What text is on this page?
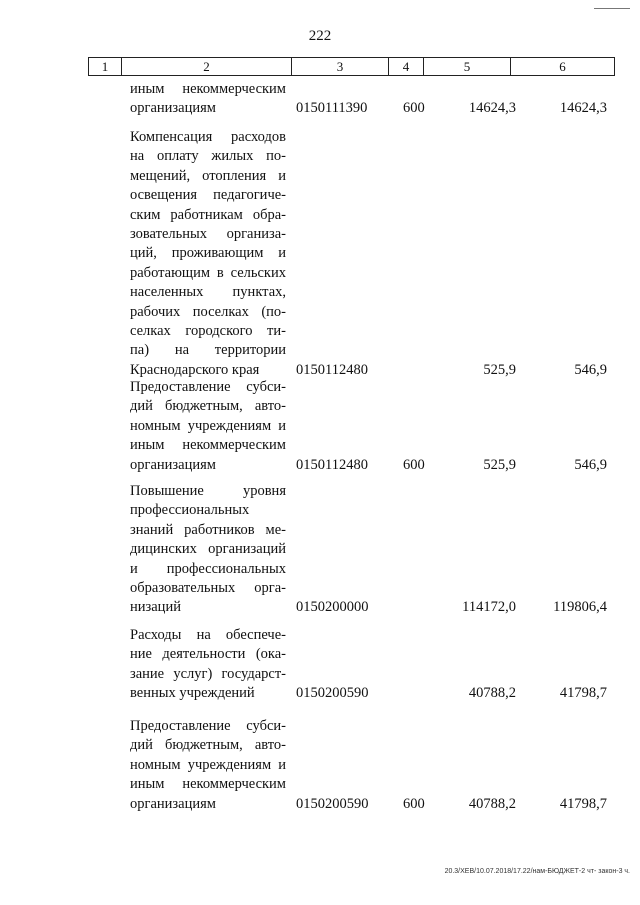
222
1	2	3	4	5	6
иным некоммерческим
организациям	0150111390 600	14624,3	14624,3
Компенсация расходов
на оплату жилых по-
мещений, отопления и
освещения педагогиче-
ским работникам обра-
зовательных организа-
ций, проживающим и
работающим в сельских
населенных пунктах,
рабочих поселках (по-
селках городского ти-
па) на территории
Краснодарского края	0150112480	525,9	546,9
Предоставление субси-
дий бюджетным, авто-
номным учреждениям и
иным некоммерческим
организациям	0150112480 600	525,9	546,9
Повышение уровня
профессиональных
знаний работников ме-
дицинских организаций
и профессиональных
образовательных орга-
низаций	0150200000	114172,0	119806,4
Расходы на обеспече-
ние деятельности (ока-
зание услуг) государст-
венных учреждений	0150200590	40788,2	41798,7
Предоставление субси-
дий бюджетным, авто-
номным учреждениям и
иным некоммерческим
организациям	0150200590 600	40788,2	41798,7
20.3/ХЕВ/10.07.2018/17.22/нам-БЮДЖЕТ-2 чт- закон-3 ч.
